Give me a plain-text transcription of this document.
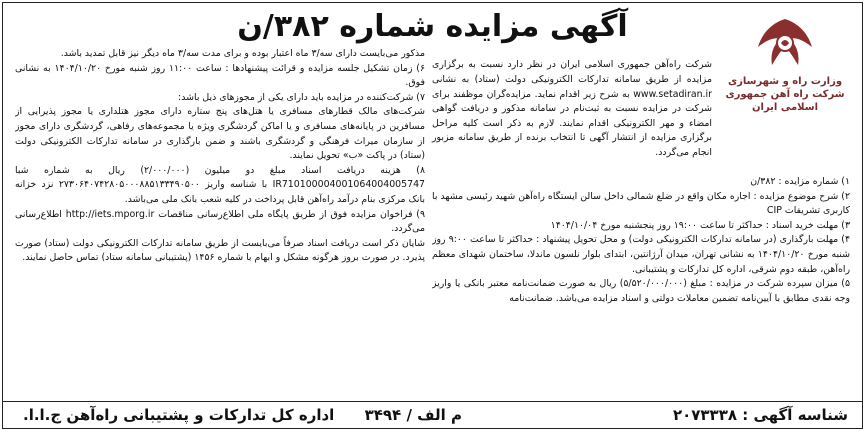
آگهی مزایده شماره ۳۸۲/ن
وزارت راه و شهرسازی
شرکت راه آهن جمهوری اسلامی ایران

شرکت راه‌آهن جمهوری اسلامی ایران در نظر دارد نسبت به برگزاری مزایده از طریق سامانه تدارکات الکترونیکی دولت (ستاد) به نشانی www.setadiran.ir به شرح زیر اقدام نماید. مزایده‌گران موظفند برای شرکت در مزایده نسبت به ثبت‌نام در سامانه مذکور و دریافت گواهی امضاء و مهر الکترونیکی اقدام نمایند. لازم به ذکر است کلیه مراحل برگزاری مزایده از انتشار آگهی تا انتخاب برنده از طریق سامانه مزبور انجام می‌گردد.

۱) شماره مزایده : ۳۸۲/ن

۲) شرح موضوع مزایده : اجاره مکان واقع در ضلع شمالی داخل سالن ایستگاه راه‌آهن شهید رئیسی مشهد با کاربری تشریفات CIP

۳) مهلت خرید اسناد : حداکثر تا ساعت ۱۹:۰۰ روز پنجشنبه مورخ ۱۴۰۴/۱۰/۰۴

۴) مهلت بارگذاری (در سامانه تدارکات الکترونیکی دولت) و محل تحویل پیشنهاد : حداکثر تا ساعت ۹:۰۰ روز شنبه مورخ ۱۴۰۴/۱۰/۲۰ به نشانی تهران، میدان آرژانتین، ابتدای بلوار نلسون ماندلا، ساختمان شهدای معظم راه‌آهن، طبقه دوم شرقی، اداره کل تدارکات و پشتیبانی.

۵) میزان سپرده شرکت در مزایده : مبلغ (۵/۵۲۰/۰۰۰/۰۰۰) ریال به صورت ضمانت‌نامه معتبر بانکی یا واریز وجه نقدی مطابق با آیین‌نامه تضمین معاملات دولتی و اسناد مزایده می‌باشد. ضمانت‌نامه

مذکور می‌بایست دارای سه/۳ ماه اعتبار بوده و برای مدت سه/۳ ماه دیگر نیز قابل تمدید باشد.

۶) زمان تشکیل جلسه مزایده و قرائت پیشنهادها : ساعت ۱۱:۰۰ روز شنبه مورخ ۱۴۰۴/۱۰/۲۰ به نشانی فوق.

۷) شرکت‌کننده در مزایده باید دارای یکی از مجوزهای ذیل باشد:

شرکت‌های مالک قطارهای مسافری یا هتل‌های پنج ستاره دارای مجوز هتلداری یا مجوز پذیرایی از مسافرین در پایانه‌های مسافری و یا اماکن گردشگری ویژه یا مجموعه‌های رفاهی، گردشگری دارای مجوز از سازمان میراث فرهنگی و گردشگری باشند و ضمن بارگذاری در سامانه تدارکات الکترونیکی دولت (ستاد) در پاکت «ب» تحویل نمایند.

۸) هزینه دریافت اسناد مبلغ دو میلیون (۲/۰۰۰/۰۰۰) ریال به شماره شبا IR710100004001064004005747 با شناسه واریز ۲۷۳۰۶۴۰۷۴۲۸۰۵۰۰۰۸۸۵۱۳۳۴۹۰۵۰۰ نزد خزانه بانک مرکزی بنام درآمد راه‌آهن قابل پرداخت در کلیه شعب بانک ملی می‌باشد.

۹) فراخوان مزایده فوق از طریق پایگاه ملی اطلاع‌رسانی مناقصات http://iets.mporg.ir اطلاع‌رسانی می‌گردد.

شایان ذکر است دریافت اسناد صرفاً می‌بایست از طریق سامانه تدارکات الکترونیکی دولت (ستاد) صورت پذیرد. در صورت بروز هرگونه مشکل و ابهام با شماره ۱۴۵۶ (پشتیبانی سامانه ستاد) تماس حاصل نمایند.

شناسه آگهی : ۲۰۷۳۳۳۸
م الف / ۳۴۹۴
اداره کل تدارکات و پشتیبانی راه‌آهن ج.ا.ا.
